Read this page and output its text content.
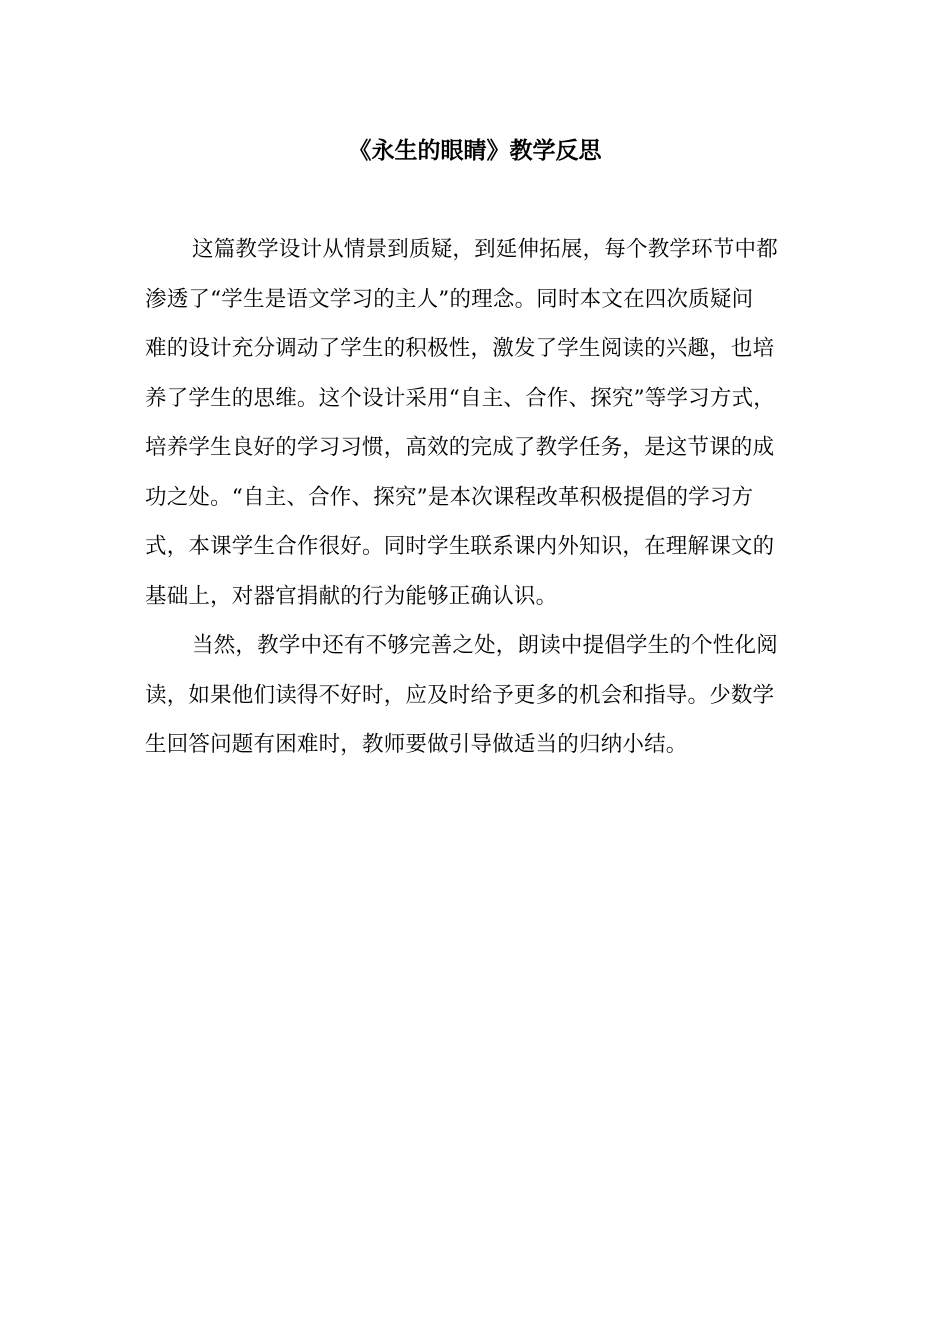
《永生的眼睛》教学反思
这篇教学设计从情景到质疑，到延伸拓展，每个教学环节中都
渗透了“学生是语文学习的主人”的理念。同时本文在四次质疑问
难的设计充分调动了学生的积极性，激发了学生阅读的兴趣，也培
养了学生的思维。这个设计采用“自主、合作、探究”等学习方式，
培养学生良好的学习习惯，高效的完成了教学任务，是这节课的成
功之处。“自主、合作、探究”是本次课程改革积极提倡的学习方
式，本课学生合作很好。同时学生联系课内外知识，在理解课文的
基础上，对器官捐献的行为能够正确认识。
当然，教学中还有不够完善之处，朗读中提倡学生的个性化阅
读，如果他们读得不好时，应及时给予更多的机会和指导。少数学
生回答问题有困难时，教师要做引导做适当的归纳小结。
